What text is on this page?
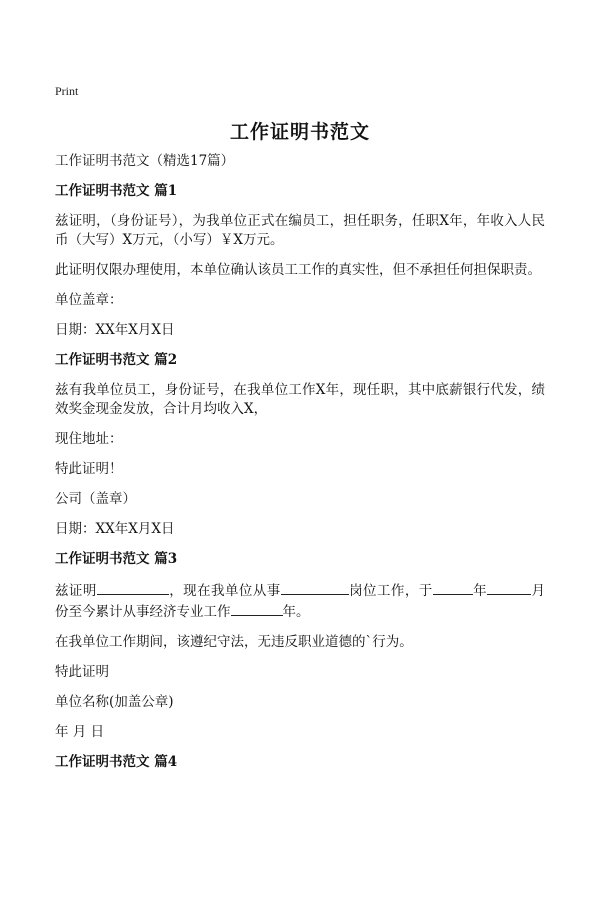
Print
工作证明书范文

工作证明书范文（精选17篇）

工作证明书范文 篇1

兹证明，（身份证号），为我单位正式在编员工，担任职务，任职X年，年收入人民币（大写）X万元，（小写）￥X万元。

此证明仅限办理使用，本单位确认该员工工作的真实性，但不承担任何担保职责。

单位盖章：

日期：XX年X月X日

工作证明书范文 篇2

兹有我单位员工，身份证号，在我单位工作X年，现任职，其中底薪银行代发，绩效奖金现金发放，合计月均收入X，

现住地址：

特此证明！

公司（盖章）

日期：XX年X月X日

工作证明书范文 篇3

兹证明	，现在我单位从事	岗位工作，于	年	月份至今累计从事经济专业工作	年。

在我单位工作期间，该遵纪守法，无违反职业道德的`行为。

特此证明

单位名称(加盖公章)

年 月 日

工作证明书范文 篇4
